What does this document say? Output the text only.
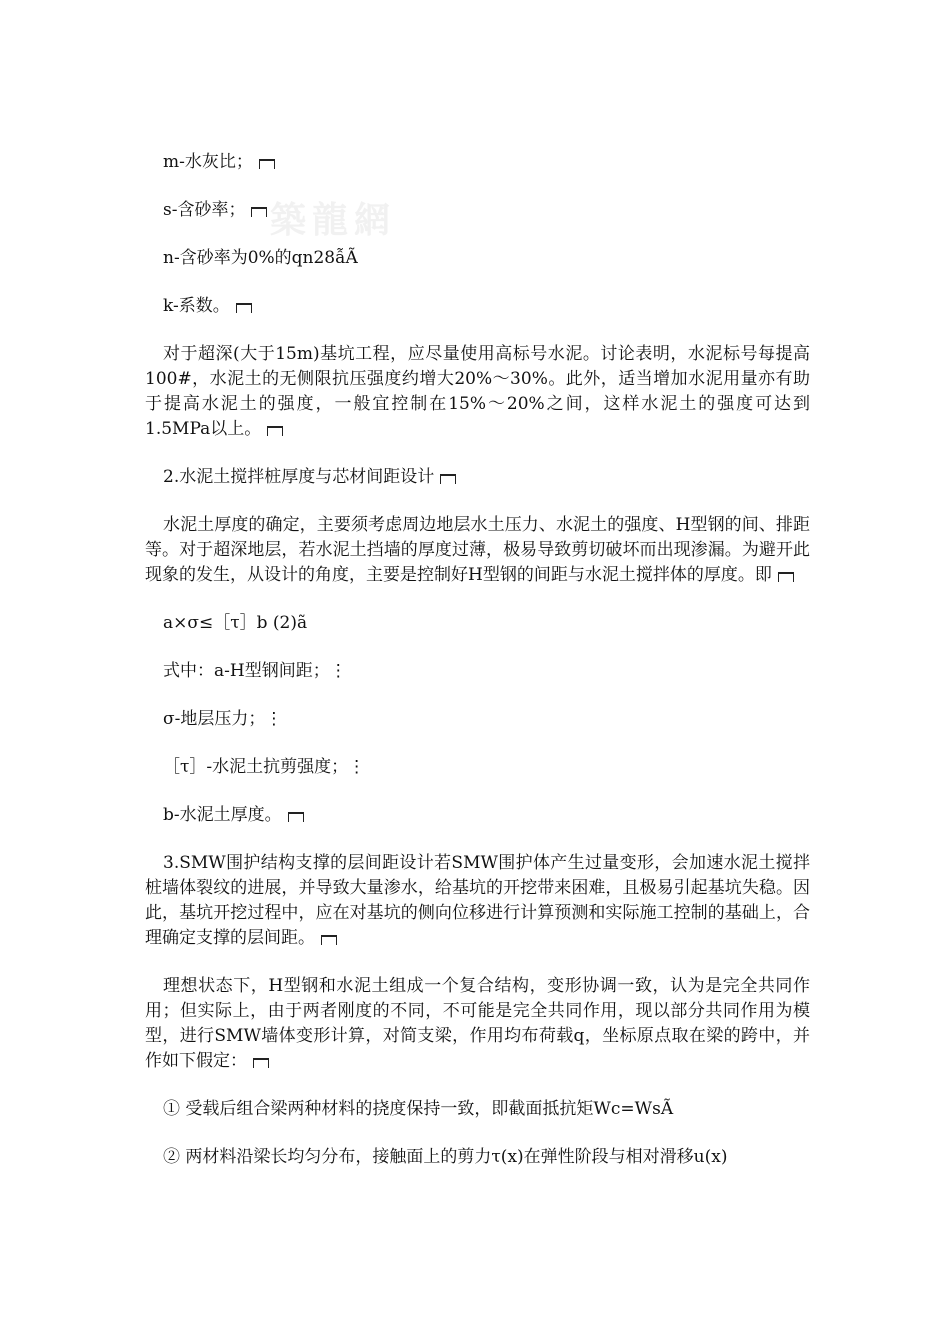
築龍網

m-水灰比；

s-含砂率；

n-含砂率为0%的qn28ẫÃ

k-系数。

对于超深(大于15m)基坑工程，应尽量使用高标号水泥。讨论表明，水泥标号每提高100#，水泥土的无侧限抗压强度约增大20%～30%。此外，适当增加水泥用量亦有助于提高水泥土的强度，一般宜控制在15%～20%之间，这样水泥土的强度可达到1.5MPa以上。

2.水泥土搅拌桩厚度与芯材间距设计

水泥土厚度的确定，主要须考虑周边地层水土压力、水泥土的强度、H型钢的间、排距等。对于超深地层，若水泥土挡墙的厚度过薄，极易导致剪切破坏而出现渗漏。为避开此现象的发生，从设计的角度，主要是控制好H型钢的间距与水泥土搅拌体的厚度。即

a×σ≤［τ］b (2)ã

式中：a-H型钢间距；⋮

σ-地层压力；⋮

［τ］-水泥土抗剪强度；⋮

b-水泥土厚度。

3.SMW围护结构支撑的层间距设计若SMW围护体产生过量变形，会加速水泥土搅拌桩墙体裂纹的进展，并导致大量渗水，给基坑的开挖带来困难，且极易引起基坑失稳。因此，基坑开挖过程中，应在对基坑的侧向位移进行计算预测和实际施工控制的基础上，合理确定支撑的层间距。

理想状态下，H型钢和水泥土组成一个复合结构，变形协调一致，认为是完全共同作用；但实际上，由于两者刚度的不同，不可能是完全共同作用，现以部分共同作用为模型，进行SMW墙体变形计算，对简支梁，作用均布荷载q，坐标原点取在梁的跨中，并作如下假定：

① 受载后组合梁两种材料的挠度保持一致，即截面抵抗矩Wc=WsÃ

② 两材料沿梁长均匀分布，接触面上的剪力τ(x)在弹性阶段与相对滑移u(x)
